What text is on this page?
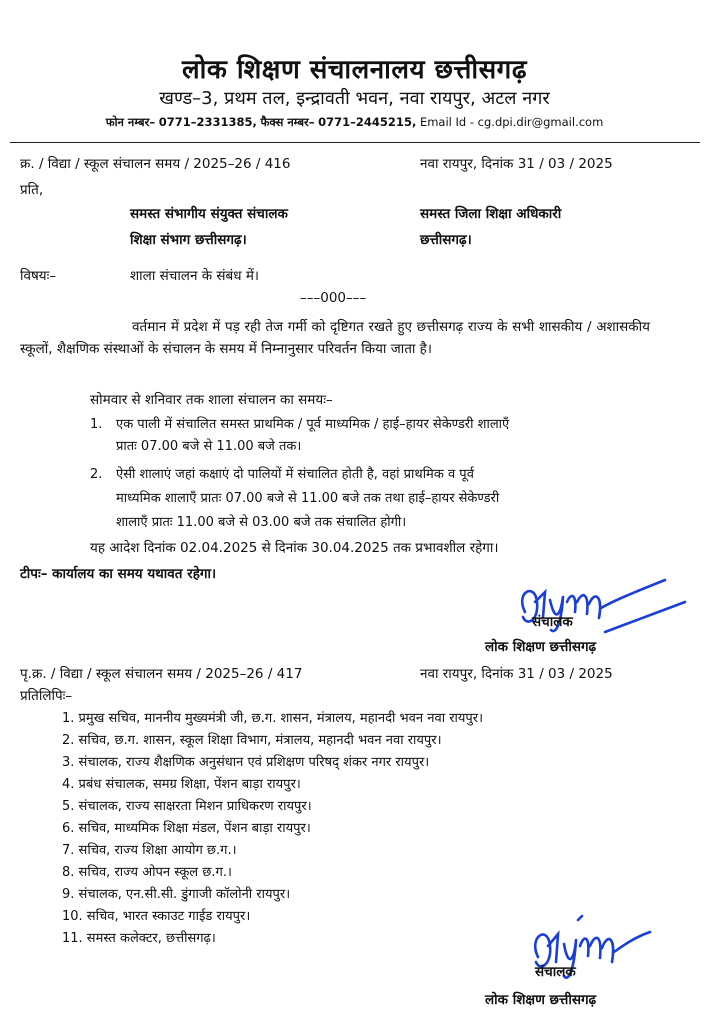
लोक शिक्षण संचालनालय छत्तीसगढ़
खण्ड–3, प्रथम तल, इन्द्रावती भवन, नवा रायपुर, अटल नगर
फोन नम्बर– 0771–2331385, फैक्स नम्बर– 0771–2445215, Email Id - cg.dpi.dir@gmail.com
क्र. / विद्या / स्कूल संचालन समय / 2025–26 / 416	नवा रायपुर, दिनांक 31 / 03 / 2025
प्रति,
समस्त संभागीय संयुक्त संचालक
शिक्षा संभाग छत्तीसगढ़।
समस्त जिला शिक्षा अधिकारी
छत्तीसगढ़।
विषयः–	शाला संचालन के संबंध में।
–––000–––
वर्तमान में प्रदेश में पड़ रही तेज गर्मी को दृष्टिगत रखते हुए छत्तीसगढ़ राज्य के सभी शासकीय / अशासकीय स्कूलों, शैक्षणिक संस्थाओं के संचालन के समय में निम्नानुसार परिवर्तन किया जाता है।
सोमवार से शनिवार तक शाला संचालन का समयः–
1. एक पाली में संचालित समस्त प्राथमिक / पूर्व माध्यमिक / हाई–हायर सेकेण्डरी शालाएँ
प्रातः 07.00 बजे से 11.00 बजे तक।
2. ऐसी शालाएं जहां कक्षाएं दो पालियों में संचालित होती है, वहां प्राथमिक व पूर्व
माध्यमिक शालाएँ प्रातः 07.00 बजे से 11.00 बजे तक तथा हाई–हायर सेकेण्डरी
शालाएँ प्रातः 11.00 बजे से 03.00 बजे तक संचालित होगी।
यह आदेश दिनांक 02.04.2025 से दिनांक 30.04.2025 तक प्रभावशील रहेगा।
टीपः– कार्यालय का समय यथावत रहेगा।
संचालक
लोक शिक्षण छत्तीसगढ़
पृ.क्र. / विद्या / स्कूल संचालन समय / 2025–26 / 417	नवा रायपुर, दिनांक 31 / 03 / 2025
प्रतिलिपिः–
1. प्रमुख सचिव, माननीय मुख्यमंत्री जी, छ.ग. शासन, मंत्रालय, महानदी भवन नवा रायपुर।
2. सचिव, छ.ग. शासन, स्कूल शिक्षा विभाग, मंत्रालय, महानदी भवन नवा रायपुर।
3. संचालक, राज्य शैक्षणिक अनुसंधान एवं प्रशिक्षण परिषद् शंकर नगर रायपुर।
4. प्रबंध संचालक, समग्र शिक्षा, पेंशन बाड़ा रायपुर।
5. संचालक, राज्य साक्षरता मिशन प्राधिकरण रायपुर।
6. सचिव, माध्यमिक शिक्षा मंडल, पेंशन बाड़ा रायपुर।
7. सचिव, राज्य शिक्षा आयोग छ.ग.।
8. सचिव, राज्य ओपन स्कूल छ.ग.।
9. संचालक, एन.सी.सी. डुंगाजी कॉलोनी रायपुर।
10. सचिव, भारत स्काउट गाईड रायपुर।
11. समस्त कलेक्टर, छत्तीसगढ़।
संचालक
लोक शिक्षण छत्तीसगढ़
